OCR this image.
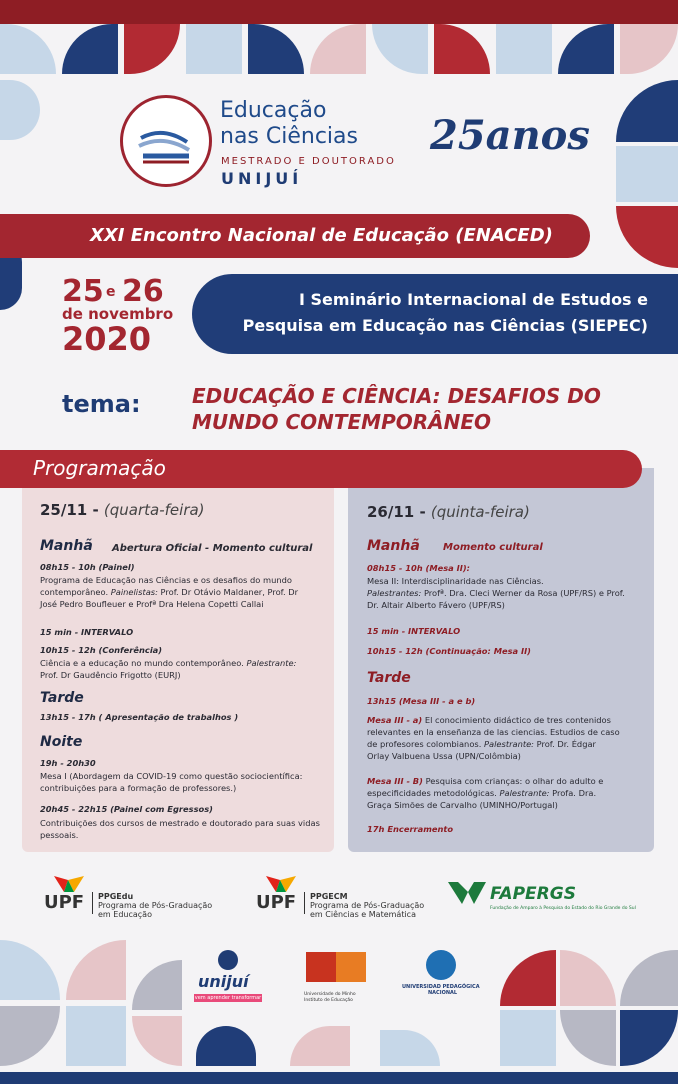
Educação
nas Ciências
MESTRADO E DOUTORADO
UNIJUÍ
25anos
XXI Encontro Nacional de Educação (ENACED)
25 e 26
de novembro
2020
I Seminário Internacional de Estudos e
Pesquisa em Educação nas Ciências (SIEPEC)
tema:	EDUCAÇÃO E CIÊNCIA: DESAFIOS DO
MUNDO CONTEMPORÂNEO
Programação
25/11 - (quarta-feira)
Manhã Abertura Oficial - Momento cultural
08h15 - 10h (Painel)
Programa de Educação nas Ciências e os desafios do mundo
contemporâneo. Painelistas: Prof. Dr Otávio Maldaner, Prof. Dr
José Pedro Boufleuer e Profª Dra Helena Copetti Callai
15 min - INTERVALO
10h15 - 12h (Conferência)
Ciência e a educação no mundo contemporâneo. Palestrante:
Prof. Dr Gaudêncio Frigotto (EURJ)
Tarde
13h15 - 17h ( Apresentação de trabalhos )
Noite
19h - 20h30
Mesa I (Abordagem da COVID-19 como questão sociocientífica:
contribuições para a formação de professores.)
20h45 - 22h15 (Painel com Egressos)
Contribuições dos cursos de mestrado e doutorado para suas vidas
pessoais.
26/11 - (quinta-feira)
Manhã Momento cultural
08h15 - 10h (Mesa II):
Mesa II: Interdisciplinaridade nas Ciências.
Palestrantes: Profª. Dra. Cleci Werner da Rosa (UPF/RS) e Prof.
Dr. Altair Alberto Fávero (UPF/RS)
15 min - INTERVALO
10h15 - 12h (Continuação: Mesa II)
Tarde
13h15 (Mesa III - a e b)
Mesa III - a) El conocimiento didáctico de tres contenidos
relevantes en la enseñanza de las ciencias. Estudios de caso
de profesores colombianos. Palestrante: Prof. Dr. Édgar
Orlay Valbuena Ussa (UPN/Colômbia)
Mesa III - B) Pesquisa com crianças: o olhar do adulto e
especificidades metodológicas. Palestrante: Profa. Dra.
Graça Simões de Carvalho (UMINHO/Portugal)
17h Encerramento
UPF PPGEdu
Programa de Pós-Graduação
em Educação
UPF PPGECM
Programa de Pós-Graduação
em Ciências e Matemática
FAPERGS
Fundação de Amparo à Pesquisa do Estado do Rio Grande do Sul
unijuí
vem aprender transformar
Universidade do Minho
Instituto de Educação
UNIVERSIDAD PEDAGÓGICA
NACIONAL
